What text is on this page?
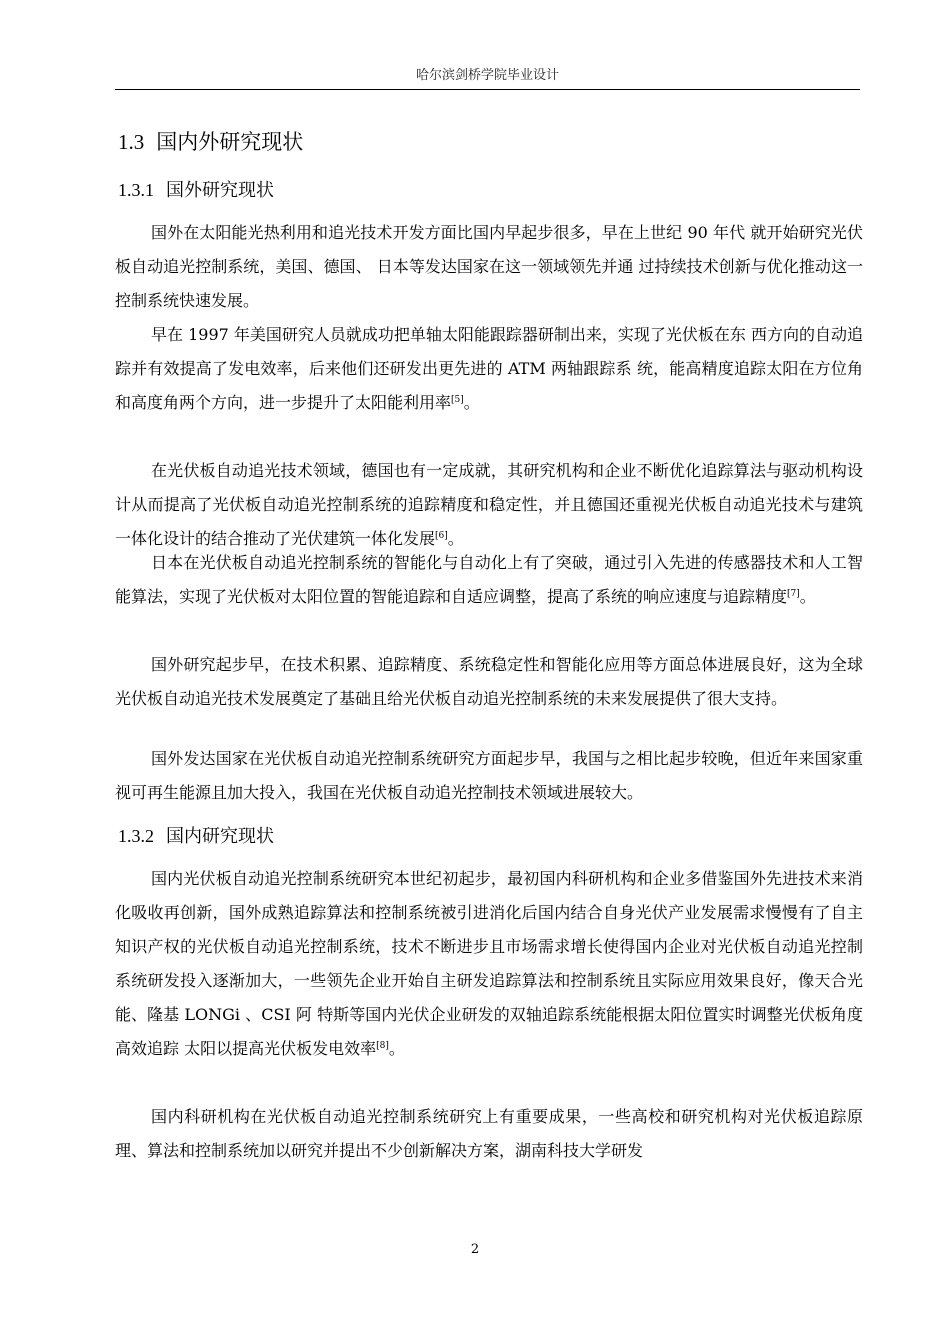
哈尔滨剑桥学院毕业设计
1.3 国内外研究现状
1.3.1 国外研究现状

国外在太阳能光热利用和追光技术开发方面比国内早起步很多，早在上世纪 90 年代 就开始研究光伏板自动追光控制系统，美国、德国、 日本等发达国家在这一领域领先并通 过持续技术创新与优化推动这一控制系统快速发展。

早在 1997 年美国研究人员就成功把单轴太阳能跟踪器研制出来，实现了光伏板在东 西方向的自动追踪并有效提高了发电效率，后来他们还研发出更先进的 ATM 两轴跟踪系 统，能高精度追踪太阳在方位角和高度角两个方向，进一步提升了太阳能利用率[5]。

在光伏板自动追光技术领域，德国也有一定成就，其研究机构和企业不断优化追踪算法与驱动机构设计从而提高了光伏板自动追光控制系统的追踪精度和稳定性，并且德国还重视光伏板自动追光技术与建筑一体化设计的结合推动了光伏建筑一体化发展[6]。

日本在光伏板自动追光控制系统的智能化与自动化上有了突破，通过引入先进的传感器技术和人工智能算法，实现了光伏板对太阳位置的智能追踪和自适应调整，提高了系统的响应速度与追踪精度[7]。

国外研究起步早，在技术积累、追踪精度、系统稳定性和智能化应用等方面总体进展良好，这为全球光伏板自动追光技术发展奠定了基础且给光伏板自动追光控制系统的未来发展提供了很大支持。

国外发达国家在光伏板自动追光控制系统研究方面起步早，我国与之相比起步较晚，但近年来国家重视可再生能源且加大投入，我国在光伏板自动追光控制技术领域进展较大。

1.3.2 国内研究现状

国内光伏板自动追光控制系统研究本世纪初起步，最初国内科研机构和企业多借鉴国外先进技术来消化吸收再创新，国外成熟追踪算法和控制系统被引进消化后国内结合自身光伏产业发展需求慢慢有了自主知识产权的光伏板自动追光控制系统，技术不断进步且市场需求增长使得国内企业对光伏板自动追光控制系统研发投入逐渐加大，一些领先企业开始自主研发追踪算法和控制系统且实际应用效果良好，像天合光能、隆基 LONGi 、CSI 阿 特斯等国内光伏企业研发的双轴追踪系统能根据太阳位置实时调整光伏板角度高效追踪 太阳以提高光伏板发电效率[8]。

国内科研机构在光伏板自动追光控制系统研究上有重要成果，一些高校和研究机构对光伏板追踪原理、算法和控制系统加以研究并提出不少创新解决方案，湖南科技大学研发

2
